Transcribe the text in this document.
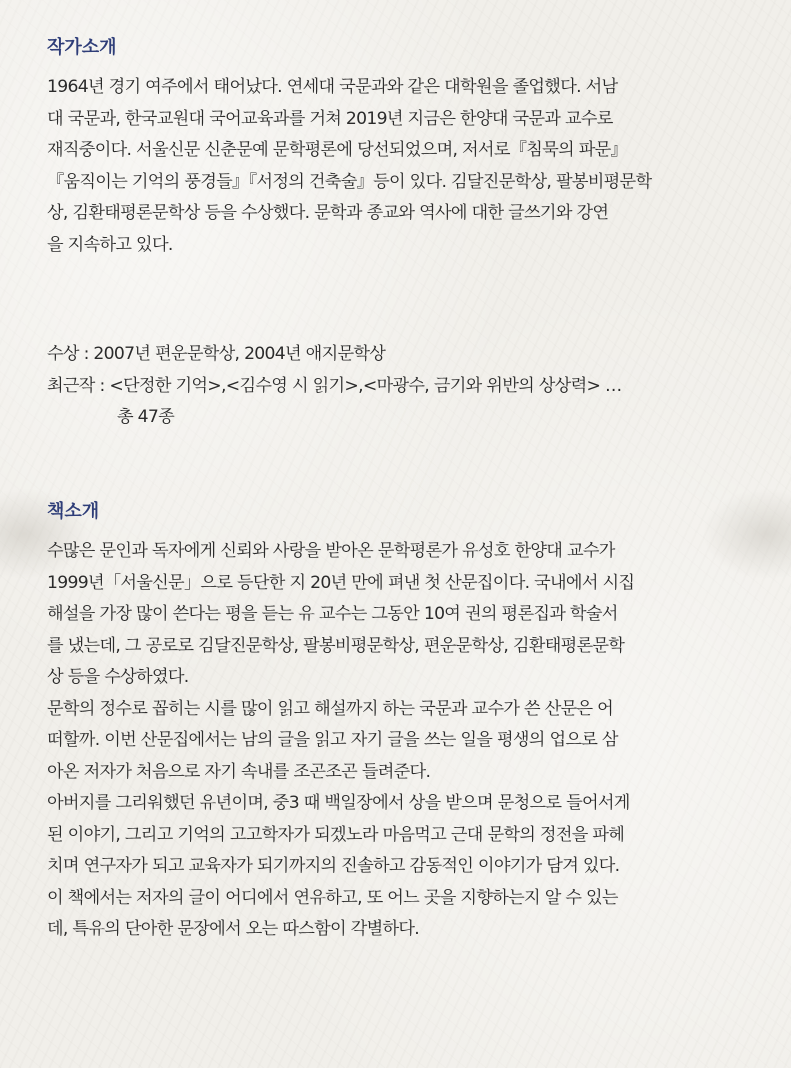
작가소개
1964년 경기 여주에서 태어났다. 연세대 국문과와 같은 대학원을 졸업했다. 서남
대 국문과, 한국교원대 국어교육과를 거쳐 2019년 지금은 한양대 국문과 교수로
재직중이다. 서울신문 신춘문예 문학평론에 당선되었으며, 저서로『침묵의 파문』
『움직이는 기억의 풍경들』『서정의 건축술』등이 있다. 김달진문학상, 팔봉비평문학
상, 김환태평론문학상 등을 수상했다. 문학과 종교와 역사에 대한 글쓰기와 강연
을 지속하고 있다.
수상 : 2007년 편운문학상, 2004년 애지문학상
최근작 : <단정한 기억>,<김수영 시 읽기>,<마광수, 금기와 위반의 상상력> …
총 47종
책소개
수많은 문인과 독자에게 신뢰와 사랑을 받아온 문학평론가 유성호 한양대 교수가
1999년「서울신문」으로 등단한 지 20년 만에 펴낸 첫 산문집이다. 국내에서 시집
해설을 가장 많이 쓴다는 평을 듣는 유 교수는 그동안 10여 권의 평론집과 학술서
를 냈는데, 그 공로로 김달진문학상, 팔봉비평문학상, 편운문학상, 김환태평론문학
상 등을 수상하였다.
문학의 정수로 꼽히는 시를 많이 읽고 해설까지 하는 국문과 교수가 쓴 산문은 어
떠할까. 이번 산문집에서는 남의 글을 읽고 자기 글을 쓰는 일을 평생의 업으로 삼
아온 저자가 처음으로 자기 속내를 조곤조곤 들려준다.
아버지를 그리워했던 유년이며, 중3 때 백일장에서 상을 받으며 문청으로 들어서게
된 이야기, 그리고 기억의 고고학자가 되겠노라 마음먹고 근대 문학의 정전을 파헤
치며 연구자가 되고 교육자가 되기까지의 진솔하고 감동적인 이야기가 담겨 있다.
이 책에서는 저자의 글이 어디에서 연유하고, 또 어느 곳을 지향하는지 알 수 있는
데, 특유의 단아한 문장에서 오는 따스함이 각별하다.
